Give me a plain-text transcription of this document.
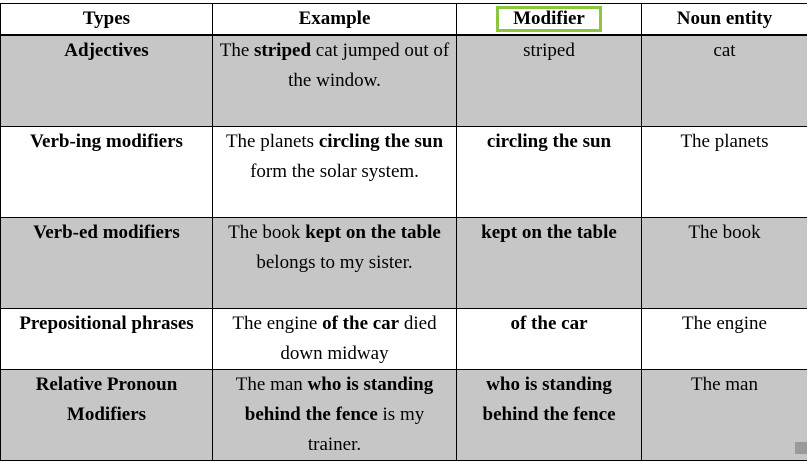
Types	Example	Modifier	Noun entity
Adjectives	The striped cat jumped out of the window.	striped	cat
Verb-ing modifiers	The planets circling the sun form the solar system.	circling the sun	The planets
Verb-ed modifiers	The book kept on the table belongs to my sister.	kept on the table	The book
Prepositional phrases	The engine of the car died down midway	of the car	The engine
Relative Pronoun Modifiers	The man who is standing behind the fence is my trainer.	who is standing behind the fence	The man
